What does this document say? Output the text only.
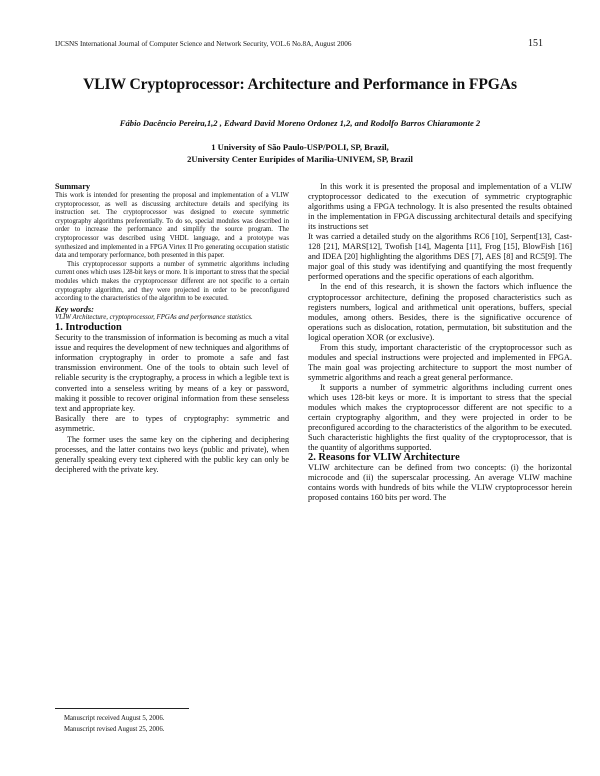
IJCSNS International Journal of Computer Science and Network Security, VOL.6 No.8A, August 2006	151
VLIW Cryptoprocessor: Architecture and Performance in FPGAs
Fábio Dacêncio Pereira,1,2 , Edward David Moreno Ordonez 1,2, and Rodolfo Barros Chiaramonte 2
1 University of São Paulo-USP/POLI, SP, Brazil,
2University Center Eurípides of Marília-UNIVEM, SP, Brazil

Summary

This work is intended for presenting the proposal and implementation of a VLIW cryptoprocessor, as well as discussing architecture details and specifying its instruction set. The cryptoprocessor was designed to execute symmetric cryptography algorithms preferentially. To do so, special modules was described in order to increase the performance and simplify the source program. The cryptoprocessor was described using VHDL language, and a prototype was synthesized and implemented in a FPGA Virtex II Pro generating occupation statistic data and temporary performance, both presented in this paper.

This cryptoprocessor supports a number of symmetric algorithms including current ones which uses 128-bit keys or more. It is important to stress that the special modules which makes the cryptoprocessor different are not specific to a certain cryptography algorithm, and they were projected in order to be preconfigured according to the characteristics of the algorithm to be executed.

Key words:

VLIW Architecture, cryptoprocessor, FPGAs and performance statistics.

1. Introduction

Security to the transmission of information is becoming as much a vital issue and requires the development of new techniques and algorithms of information cryptography in order to promote a safe and fast transmission environment. One of the tools to obtain such level of reliable security is the cryptography, a process in which a legible text is converted into a senseless writing by means of a key or password, making it possible to recover original information from these senseless text and appropriate key.

Basically there are to types of cryptography: symmetric and asymmetric.

The former uses the same key on the ciphering and deciphering processes, and the latter contains two keys (public and private), when generally speaking every text ciphered with the public key can only be deciphered with the private key.

In this work it is presented the proposal and implementation of a VLIW cryptoprocessor dedicated to the execution of symmetric cryptographic algorithms using a FPGA technology. It is also presented the results obtained in the implementation in FPGA discussing architectural details and specifying its instructions set

It was carried a detailed study on the algorithms RC6 [10], Serpent[13], Cast-128 [21], MARS[12], Twofish [14], Magenta [11], Frog [15], BlowFish [16] and IDEA [20] highlighting the algorithms DES [7], AES [8] and RC5[9]. The major goal of this study was identifying and quantifying the most frequently performed operations and the specific operations of each algorithm.

In the end of this research, it is shown the factors which influence the cryptoprocessor architecture, defining the proposed characteristics such as registers numbers, logical and arithmetical unit operations, buffers, special modules, among others. Besides, there is the significative occurence of operations such as dislocation, rotation, permutation, bit substitution and the logical operation XOR (or exclusive).

From this study, important characteristic of the cryptoprocessor such as modules and special instructions were projected and implemented in FPGA. The main goal was projecting architecture to support the most number of symmetric algorithms and reach a great general performance.

It supports a number of symmetric algorithms including current ones which uses 128-bit keys or more. It is important to stress that the special modules which makes the cryptoprocessor different are not specific to a certain cryptography algorithm, and they were projected in order to be preconfigured according to the characteristics of the algorithm to be executed. Such characteristic highlights the first quality of the cryptoprocessor, that is the quantity of algorithms supported.

2. Reasons for VLIW Architecture

VLIW architecture can be defined from two concepts: (i) the horizontal microcode and (ii) the superscalar processing. An average VLIW machine contains words with hundreds of bits while the VLIW cryptoprocessor herein proposed contains 160 bits per word. The

Manuscript received August 5, 2006.
Manuscript revised August 25, 2006.
